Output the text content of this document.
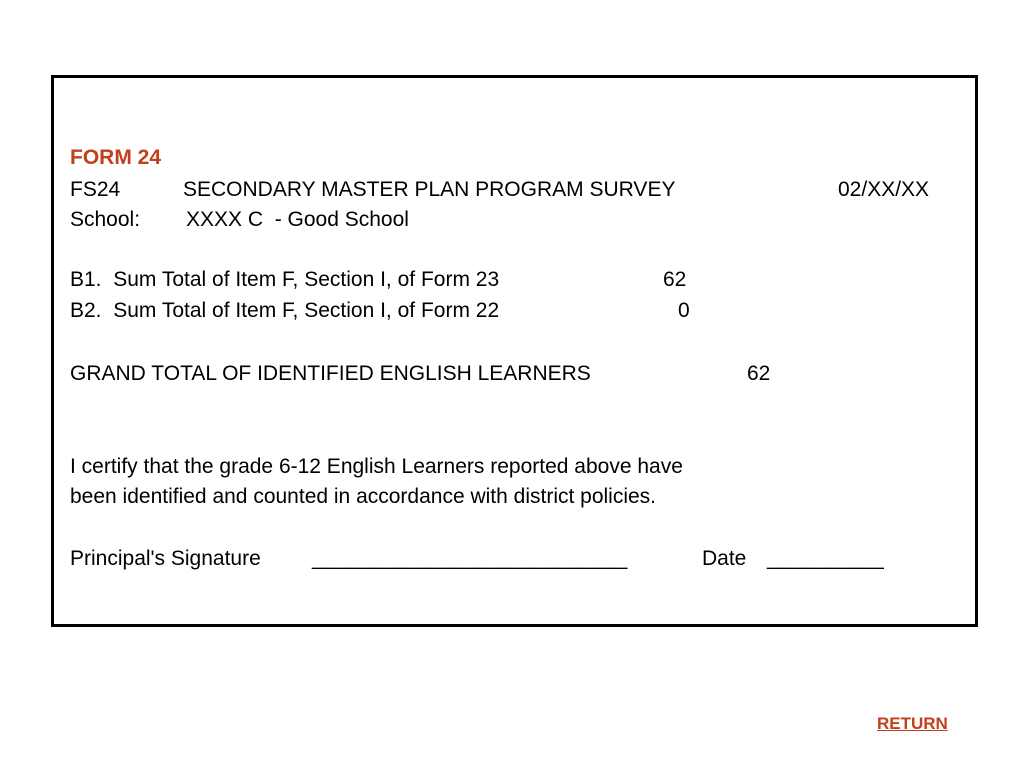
FORM 24
FS24	SECONDARY MASTER PLAN PROGRAM SURVEY	02/XX/XX
School: XXXX C  - Good School
B1.  Sum Total of Item F, Section I, of Form 23	62
B2.  Sum Total of Item F, Section I, of Form 22	0
GRAND TOTAL OF IDENTIFIED ENGLISH LEARNERS	62
I certify that the grade 6-12 English Learners reported above have
been identified and counted in accordance with district policies.
Principal's Signature ___________________________	Date __________
RETURN
